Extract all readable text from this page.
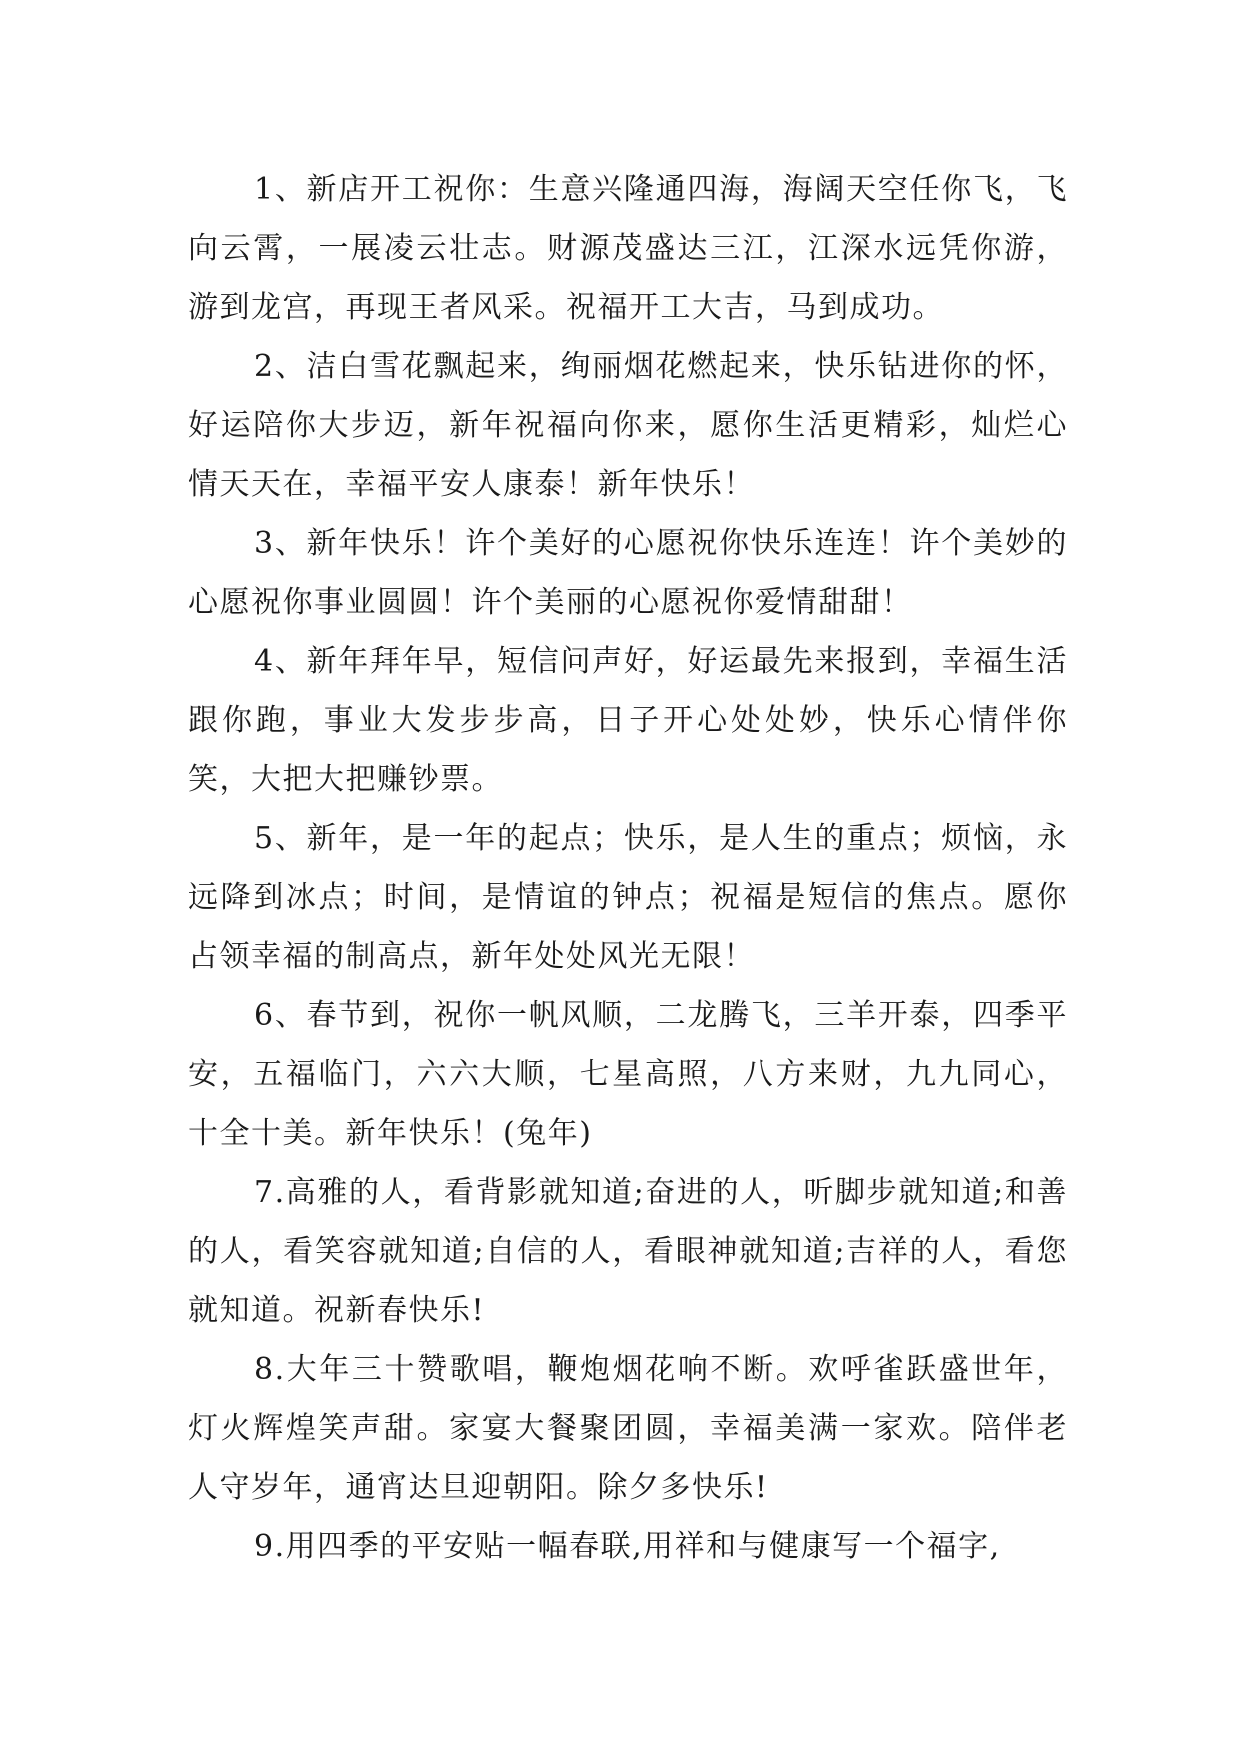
1、新店开工祝你：生意兴隆通四海，海阔天空任你飞，飞向云霄，一展凌云壮志。财源茂盛达三江，江深水远凭你游，游到龙宫，再现王者风采。祝福开工大吉，马到成功。

2、洁白雪花飘起来，绚丽烟花燃起来，快乐钻进你的怀，好运陪你大步迈，新年祝福向你来，愿你生活更精彩，灿烂心情天天在，幸福平安人康泰！新年快乐！

3、新年快乐！许个美好的心愿祝你快乐连连！许个美妙的心愿祝你事业圆圆！许个美丽的心愿祝你爱情甜甜！

4、新年拜年早，短信问声好，好运最先来报到，幸福生活跟你跑，事业大发步步高，日子开心处处妙，快乐心情伴你笑，大把大把赚钞票。

5、新年，是一年的起点；快乐，是人生的重点；烦恼，永远降到冰点；时间，是情谊的钟点；祝福是短信的焦点。愿你占领幸福的制高点，新年处处风光无限！

6、春节到，祝你一帆风顺，二龙腾飞，三羊开泰，四季平安，五福临门，六六大顺，七星高照，八方来财，九九同心，十全十美。新年快乐！(兔年)

7.高雅的人，看背影就知道;奋进的人，听脚步就知道;和善的人，看笑容就知道;自信的人，看眼神就知道;吉祥的人，看您就知道。祝新春快乐!

8.大年三十赞歌唱，鞭炮烟花响不断。欢呼雀跃盛世年，灯火辉煌笑声甜。家宴大餐聚团圆，幸福美满一家欢。陪伴老人守岁年，通宵达旦迎朝阳。除夕多快乐!

9.用四季的平安贴一幅春联,用祥和与健康写一个福字,
